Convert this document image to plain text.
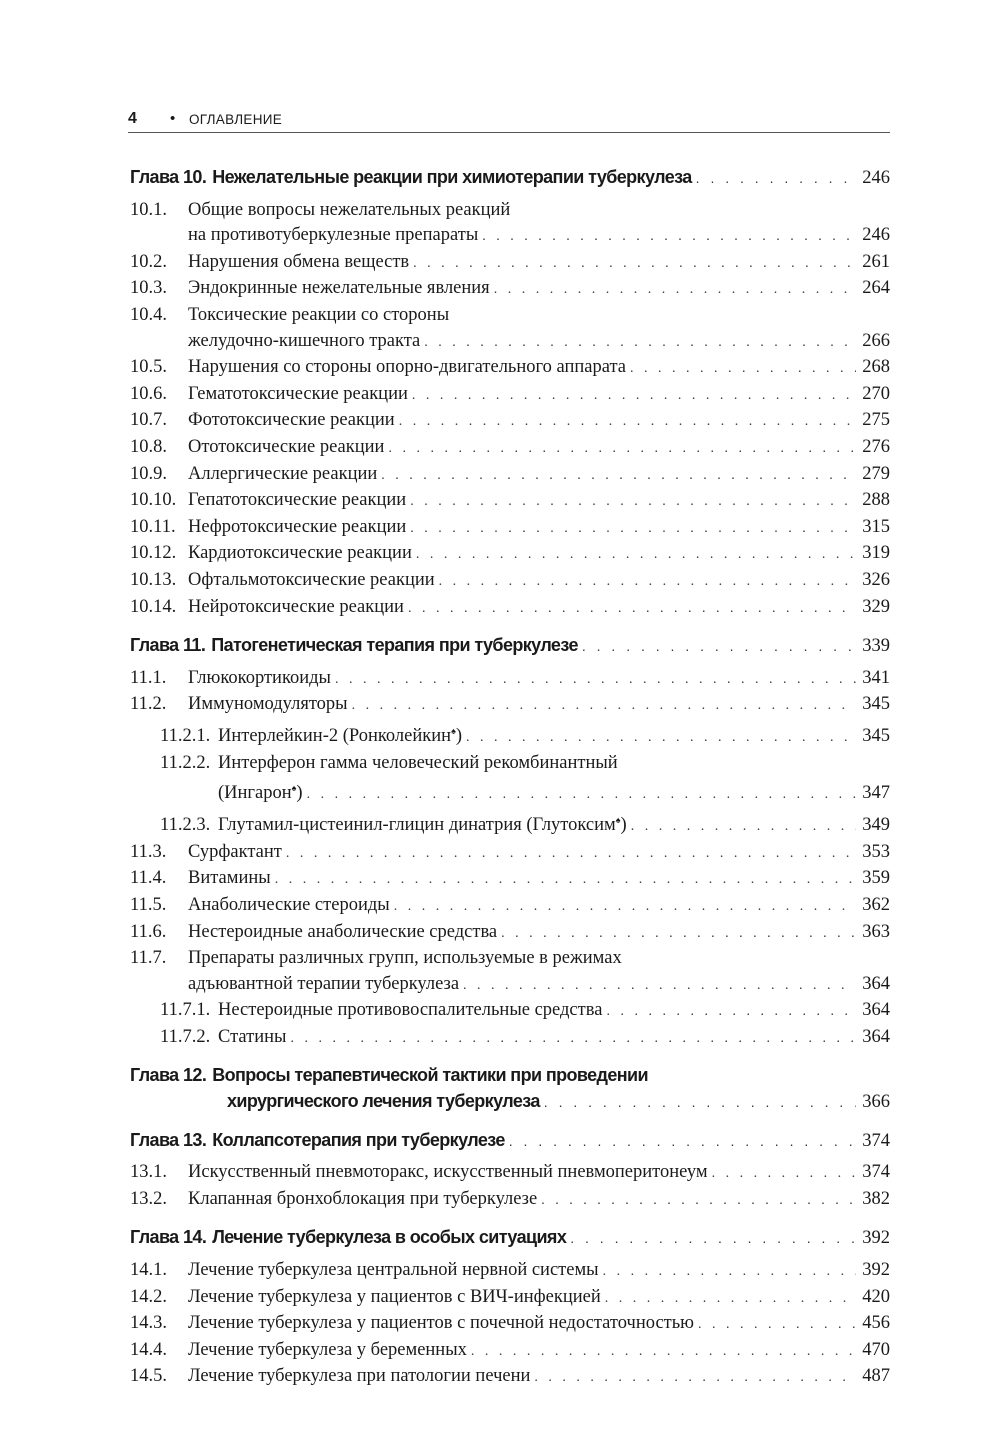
4 • ОГЛАВЛЕНИЕ
Глава 10. Нежелательные реакции при химиотерапии туберкулеза . . .	246
10.1.	Общие вопросы нежелательных реакций
на противотуберкулезные препараты . . .	246
10.2.	Нарушения обмена веществ . . .	261
10.3.	Эндокринные нежелательные явления . . .	264
10.4.	Токсические реакции со стороны
желудочно-кишечного тракта . . .	266
10.5.	Нарушения со стороны опорно-двигательного аппарата . . .	268
10.6.	Гематотоксические реакции . . .	270
10.7.	Фототоксические реакции . . .	275
10.8.	Ототоксические реакции . . .	276
10.9.	Аллергические реакции . . .	279
10.10. Гепатотоксические реакции . . .	288
10.11. Нефротоксические реакции . . .	315
10.12. Кардиотоксические реакции . . .	319
10.13. Офтальмотоксические реакции . . .	326
10.14. Нейротоксические реакции . . .	329
Глава 11. Патогенетическая терапия при туберкулезе . . .	339
11.1.	Глюкокортикоиды . . .	341
11.2.	Иммуномодуляторы . . .	345
11.2.1. Интерлейкин-2 (Ронколейкин♠) . . .	345
11.2.2. Интерферон гамма человеческий рекомбинантный
(Ингарон♠) . . .	347
11.2.3. Глутамил-цистеинил-глицин динатрия (Глутоксим♠) . . .	349
11.3.	Сурфактант . . .	353
11.4.	Витамины . . .	359
11.5.	Анаболические стероиды . . .	362
11.6.	Нестероидные анаболические средства . . .	363
11.7.	Препараты различных групп, используемые в режимах
адъювантной терапии туберкулеза . . .	364
11.7.1. Нестероидные противовоспалительные средства . . .	364
11.7.2. Статины . . .	364
Глава 12. Вопросы терапевтической тактики при проведении
хирургического лечения туберкулеза . . .	366
Глава 13. Коллапсотерапия при туберкулезе . . .	374
13.1.	Искусственный пневмоторакс, искусственный пневмоперитонеум . . .	374
13.2.	Клапанная бронхоблокация при туберкулезе . . .	382
Глава 14. Лечение туберкулеза в особых ситуациях . . .	392
14.1.	Лечение туберкулеза центральной нервной системы . . .	392
14.2.	Лечение туберкулеза у пациентов с ВИЧ-инфекцией . . .	420
14.3.	Лечение туберкулеза у пациентов с почечной недостаточностью . . .	456
14.4.	Лечение туберкулеза у беременных . . .	470
14.5.	Лечение туберкулеза при патологии печени . . .	487
